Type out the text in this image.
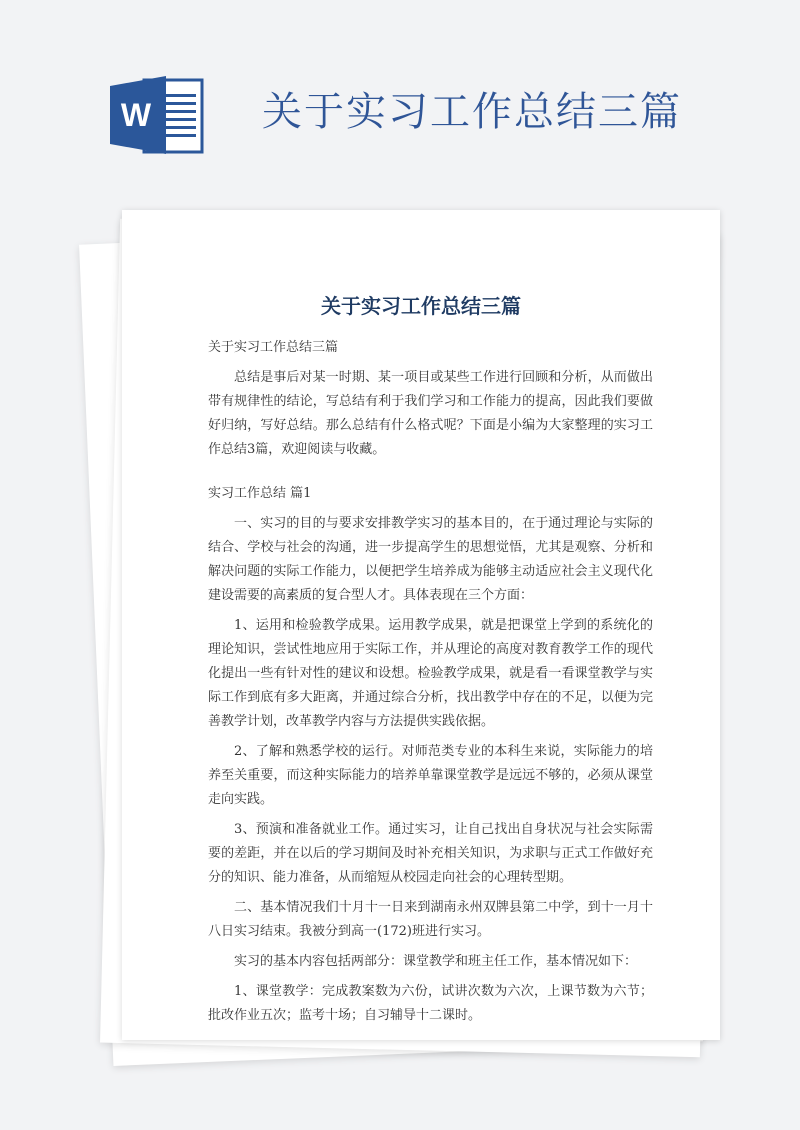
W	关于实习工作总结三篇
关于实习工作总结三篇

关于实习工作总结三篇

总结是事后对某一时期、某一项目或某些工作进行回顾和分析，从而做出带有规律性的结论，写总结有利于我们学习和工作能力的提高，因此我们要做好归纳，写好总结。那么总结有什么格式呢？下面是小编为大家整理的实习工作总结3篇，欢迎阅读与收藏。

实习工作总结 篇1

一、实习的目的与要求安排教学实习的基本目的，在于通过理论与实际的结合、学校与社会的沟通，进一步提高学生的思想觉悟，尤其是观察、分析和解决问题的实际工作能力，以便把学生培养成为能够主动适应社会主义现代化建设需要的高素质的复合型人才。具体表现在三个方面：

1、运用和检验教学成果。运用教学成果，就是把课堂上学到的系统化的理论知识，尝试性地应用于实际工作，并从理论的高度对教育教学工作的现代化提出一些有针对性的建议和设想。检验教学成果，就是看一看课堂教学与实际工作到底有多大距离，并通过综合分析，找出教学中存在的不足，以便为完善教学计划，改革教学内容与方法提供实践依据。

2、了解和熟悉学校的运行。对师范类专业的本科生来说，实际能力的培养至关重要，而这种实际能力的培养单靠课堂教学是远远不够的，必须从课堂走向实践。

3、预演和准备就业工作。通过实习，让自己找出自身状况与社会实际需要的差距，并在以后的学习期间及时补充相关知识，为求职与正式工作做好充分的知识、能力准备，从而缩短从校园走向社会的心理转型期。

二、基本情况我们十月十一日来到湖南永州双牌县第二中学，到十一月十八日实习结束。我被分到高一(172)班进行实习。

实习的基本内容包括两部分：课堂教学和班主任工作，基本情况如下：

1、课堂教学：完成教案数为六份，试讲次数为六次，上课节数为六节；批改作业五次；监考十场；自习辅导十二课时。
